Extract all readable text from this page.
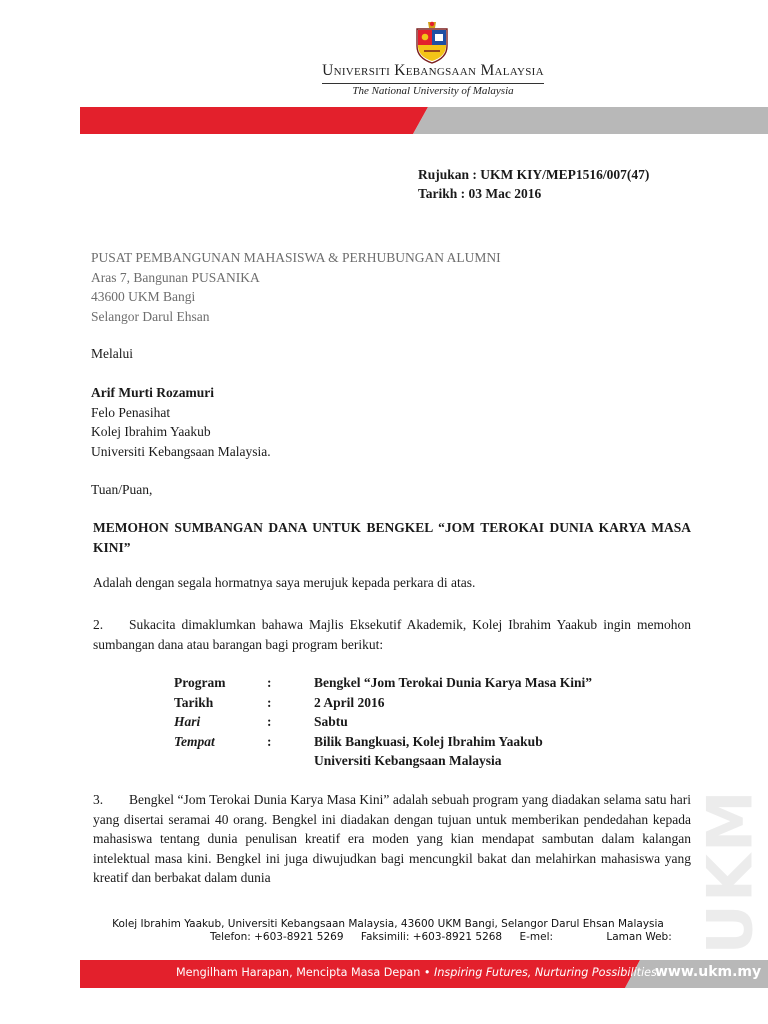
Universiti Kebangsaan Malaysia
The National University of Malaysia
Rujukan : UKM KIY/MEP1516/007(47)
Tarikh : 03 Mac 2016
PUSAT PEMBANGUNAN MAHASISWA & PERHUBUNGAN ALUMNI
Aras 7, Bangunan PUSANIKA
43600 UKM Bangi
Selangor Darul Ehsan
Melalui
Arif Murti Rozamuri
Felo Penasihat
Kolej Ibrahim Yaakub
Universiti Kebangsaan Malaysia.
Tuan/Puan,
MEMOHON SUMBANGAN DANA UNTUK BENGKEL “JOM TEROKAI DUNIA KARYA MASA KINI”
Adalah dengan segala hormatnya saya merujuk kepada perkara di atas.
2. Sukacita dimaklumkan bahawa Majlis Eksekutif Akademik, Kolej Ibrahim Yaakub ingin memohon sumbangan dana atau barangan bagi program berikut:
Program	:	Bengkel “Jom Terokai Dunia Karya Masa Kini”
Tarikh	:	2 April 2016
Hari	:	Sabtu
Tempat	:	Bilik Bangkuasi, Kolej Ibrahim Yaakub
Universiti Kebangsaan Malaysia
3. Bengkel “Jom Terokai Dunia Karya Masa Kini” adalah sebuah program yang diadakan selama satu hari yang disertai seramai 40 orang. Bengkel ini diadakan dengan tujuan untuk memberikan pendedahan kepada mahasiswa tentang dunia penulisan kreatif era moden yang kian mendapat sambutan dalam kalangan intelektual masa kini. Bengkel ini juga diwujudkan bagi mencungkil bakat dan melahirkan mahasiswa yang kreatif dan berbakat dalam dunia	UKM
Kolej Ibrahim Yaakub, Universiti Kebangsaan Malaysia, 43600 UKM Bangi, Selangor Darul Ehsan Malaysia
Telefon: +603-8921 5269 Faksimili: +603-8921 5268 E-mel:	Laman Web:
Mengilham Harapan, Mencipta Masa Depan • Inspiring Futures, Nurturing Possibilities
www.ukm.my
